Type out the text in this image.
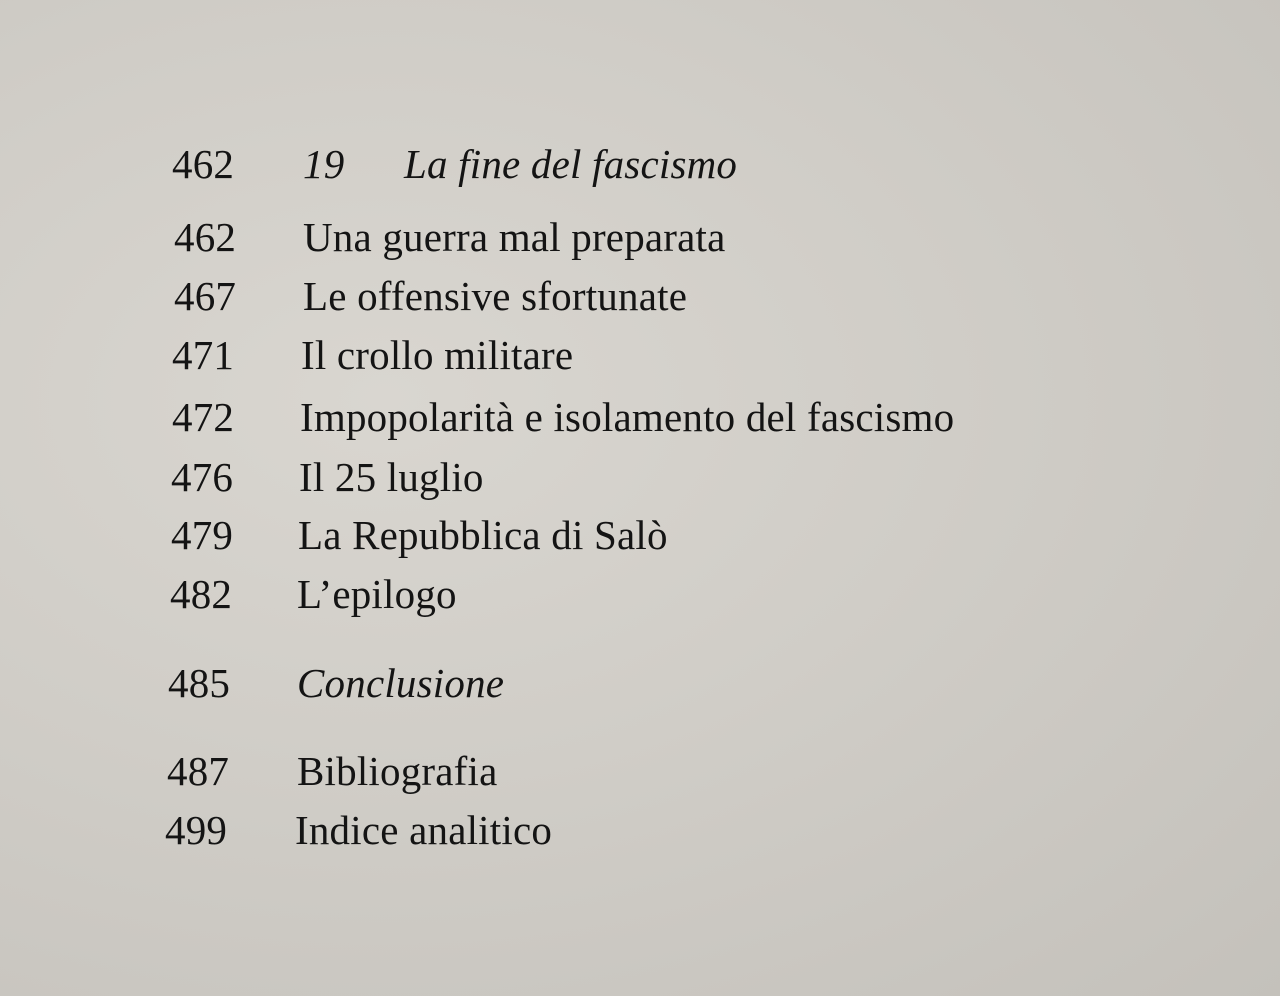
462 19 La fine del fascismo
462 Una guerra mal preparata
467 Le offensive sfortunate
471 Il crollo militare
472 Impopolarità e isolamento del fascismo
476 Il 25 luglio
479 La Repubblica di Salò
482 L’epilogo
485 Conclusione
487 Bibliografia
499 Indice analitico
